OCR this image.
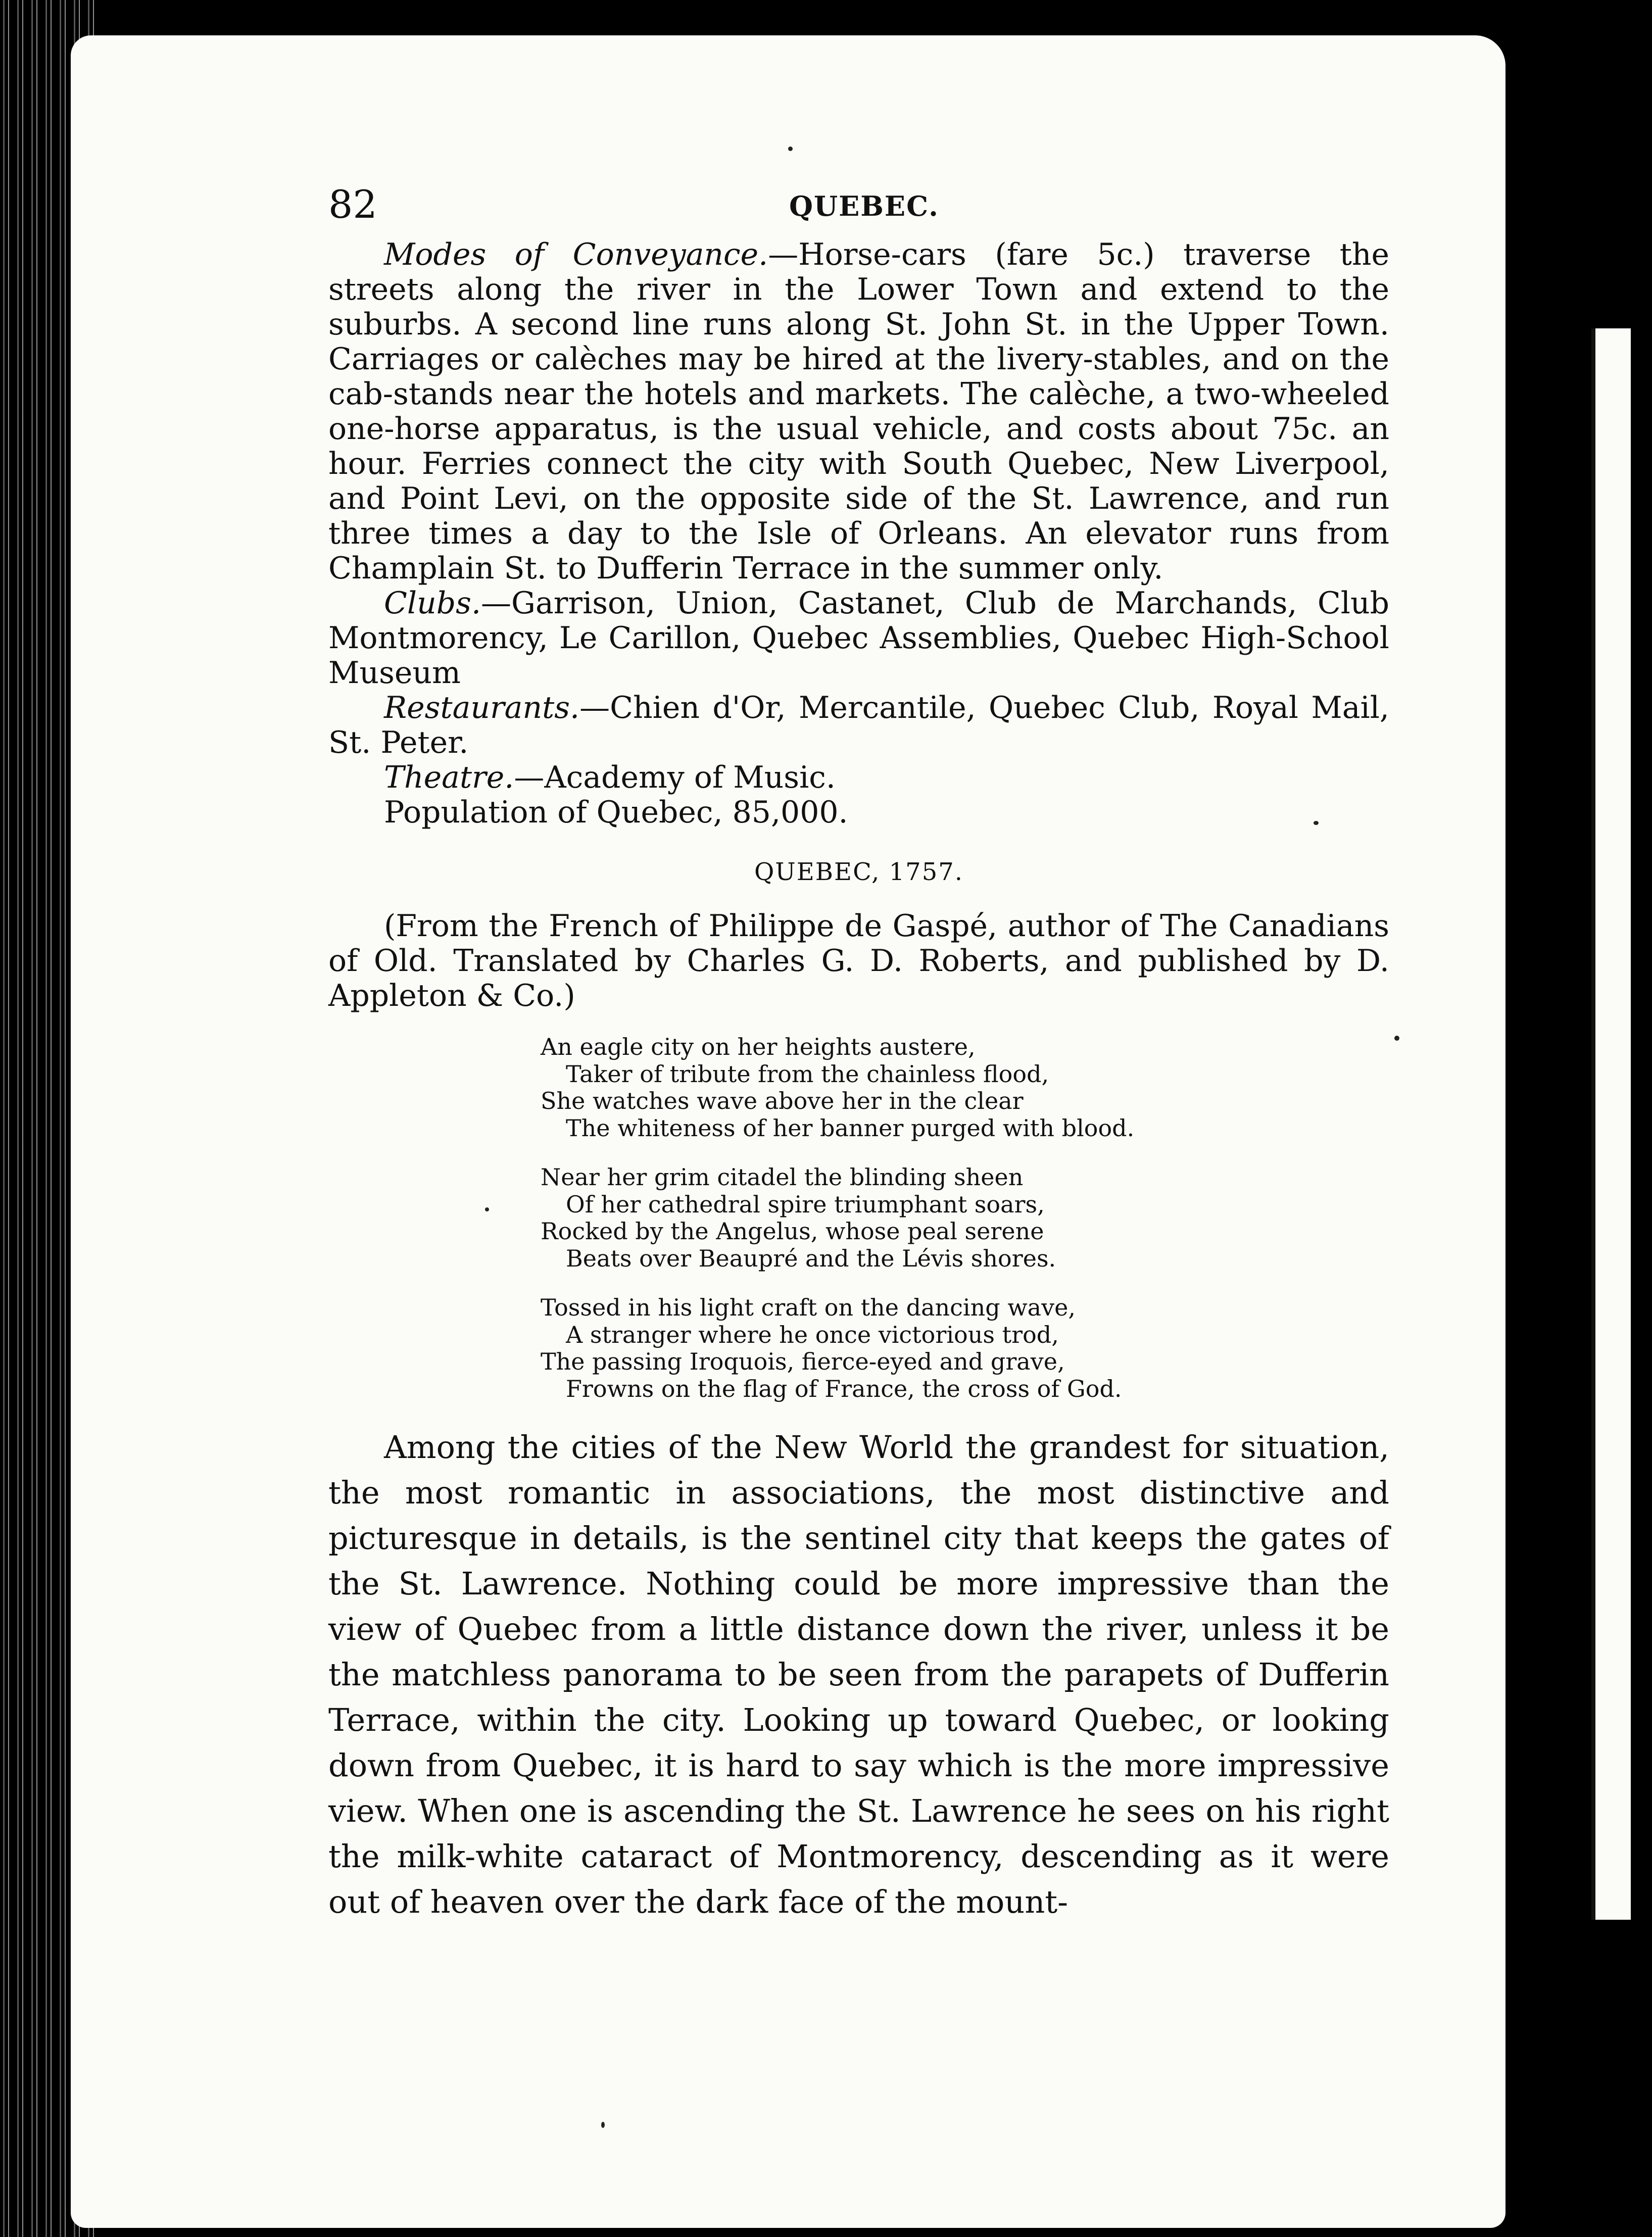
A
B
C
D
E
82	QUEBEC.

Modes of Conveyance.—Horse-cars (fare 5c.) traverse the streets along the river in the Lower Town and extend to the suburbs. A second line runs along St. John St. in the Upper Town. Carriages or calèches may be hired at the livery-stables, and on the cab-stands near the hotels and markets. The calèche, a two-wheeled one-horse apparatus, is the usual vehicle, and costs about 75c. an hour. Ferries connect the city with South Quebec, New Liverpool, and Point Levi, on the opposite side of the St. Lawrence, and run three times a day to the Isle of Orleans. An elevator runs from Champlain St. to Dufferin Terrace in the summer only.

Clubs.—Garrison, Union, Castanet, Club de Marchands, Club Montmorency, Le Carillon, Quebec Assemblies, Quebec High-School Museum

Restaurants.—Chien d'Or, Mercantile, Quebec Club, Royal Mail, St. Peter.

Theatre.—Academy of Music.

Population of Quebec, 85,000.

QUEBEC, 1757.

(From the French of Philippe de Gaspé, author of The Canadians of Old. Translated by Charles G. D. Roberts, and published by D. Appleton & Co.)

An eagle city on her heights austere,
Taker of tribute from the chainless flood,
She watches wave above her in the clear
The whiteness of her banner purged with blood.
Near her grim citadel the blinding sheen
Of her cathedral spire triumphant soars,
Rocked by the Angelus, whose peal serene
Beats over Beaupré and the Lévis shores.
Tossed in his light craft on the dancing wave,
A stranger where he once victorious trod,
The passing Iroquois, fierce-eyed and grave,
Frowns on the flag of France, the cross of God.

Among the cities of the New World the grandest for situation, the most romantic in associations, the most distinctive and picturesque in details, is the sentinel city that keeps the gates of the St. Lawrence. Nothing could be more impressive than the view of Quebec from a little distance down the river, unless it be the matchless panorama to be seen from the parapets of Dufferin Terrace, within the city. Looking up toward Quebec, or looking down from Quebec, it is hard to say which is the more impressive view. When one is ascending the St. Lawrence he sees on his right the milk-white cataract of Montmorency, descending as it were out of heaven over the dark face of the mount-
